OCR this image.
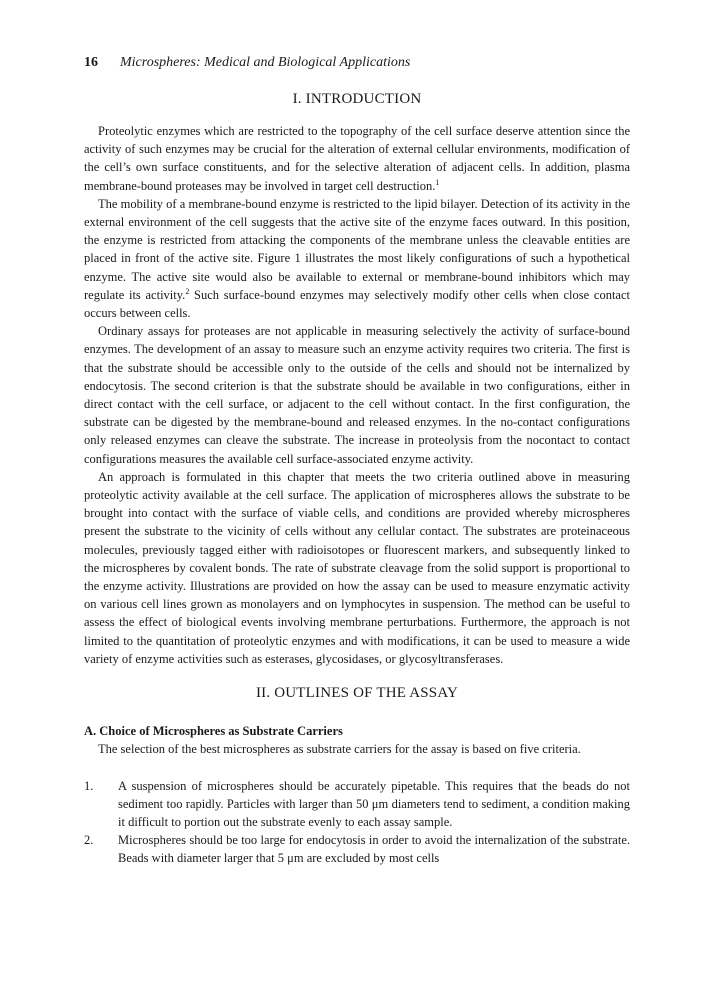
16 Microspheres: Medical and Biological Applications
I. INTRODUCTION

Proteolytic enzymes which are restricted to the topography of the cell surface deserve attention since the activity of such enzymes may be crucial for the alteration of external cellular environments, modification of the cell’s own surface constituents, and for the selective alteration of adjacent cells. In addition, plasma membrane-bound proteases may be involved in target cell destruction.$^1$

The mobility of a membrane-bound enzyme is restricted to the lipid bilayer. Detection of its activity in the external environment of the cell suggests that the active site of the enzyme faces outward. In this position, the enzyme is restricted from attacking the components of the membrane unless the cleavable entities are placed in front of the active site. Figure 1 illustrates the most likely configurations of such a hypothetical enzyme. The active site would also be available to external or membrane-bound inhibitors which may regulate its activity.$^2$ Such surface-bound enzymes may selectively modify other cells when close contact occurs between cells.

Ordinary assays for proteases are not applicable in measuring selectively the activity of surface-bound enzymes. The development of an assay to measure such an enzyme activity requires two criteria. The first is that the substrate should be accessible only to the outside of the cells and should not be internalized by endocytosis. The second criterion is that the substrate should be available in two configurations, either in direct contact with the cell surface, or adjacent to the cell without contact. In the first configuration, the substrate can be digested by the membrane-bound and released enzymes. In the no-contact configurations only released enzymes can cleave the substrate. The increase in proteolysis from the nocontact to contact configurations measures the available cell surface-associated enzyme activity.

An approach is formulated in this chapter that meets the two criteria outlined above in measuring proteolytic activity available at the cell surface. The application of microspheres allows the substrate to be brought into contact with the surface of viable cells, and conditions are provided whereby microspheres present the substrate to the vicinity of cells without any cellular contact. The substrates are proteinaceous molecules, previously tagged either with radioisotopes or fluorescent markers, and subsequently linked to the microspheres by covalent bonds. The rate of substrate cleavage from the solid support is proportional to the enzyme activity. Illustrations are provided on how the assay can be used to measure enzymatic activity on various cell lines grown as monolayers and on lymphocytes in suspension. The method can be useful to assess the effect of biological events involving membrane perturbations. Furthermore, the approach is not limited to the quantitation of proteolytic enzymes and with modifications, it can be used to measure a wide variety of enzyme activities such as esterases, glycosidases, or glycosyltransferases.

II. OUTLINES OF THE ASSAY
A. Choice of Microspheres as Substrate Carriers

The selection of the best microspheres as substrate carriers for the assay is based on five criteria.

1. A suspension of microspheres should be accurately pipetable. This requires that the beads do not sediment too rapidly. Particles with larger than 50 μm diameters tend to sediment, a condition making it difficult to portion out the substrate evenly to each assay sample.
2. Microspheres should be too large for endocytosis in order to avoid the internalization of the substrate. Beads with diameter larger that 5 μm are excluded by most cells
